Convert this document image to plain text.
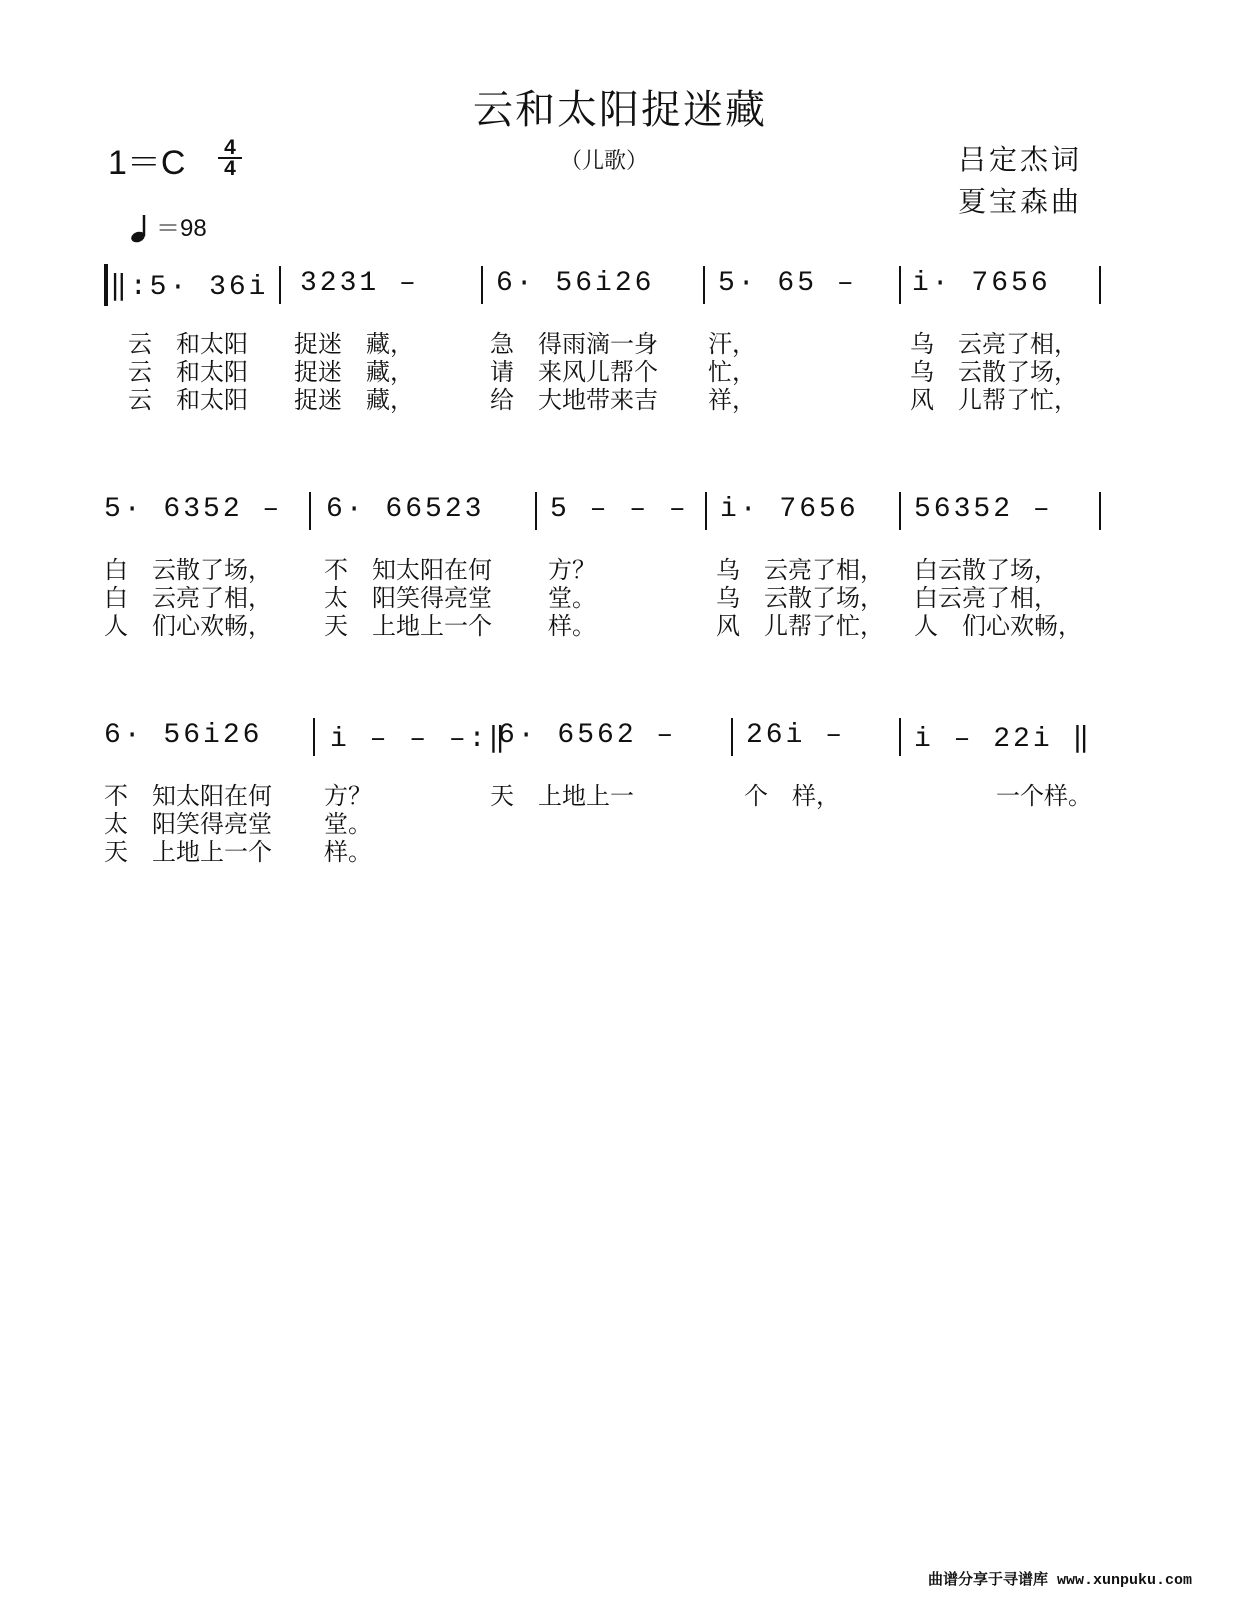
云和太阳捉迷藏
1＝C 4
4	（儿歌）	吕定杰词
夏宝森曲
＝98
‖:5· 36i 3231 –	6· 56i26 5· 65 – i· 7656
云　和太阳 捉迷　藏，	急　得雨滴一身 汗，	乌　云亮了相，
云　和太阳 捉迷　藏，	请　来风儿帮个 忙，	乌　云散了场，
云　和太阳 捉迷　藏，	给　大地带来吉 祥，	风　儿帮了忙，
5· 6352 – 6· 66523 5 – – – i· 7656 56352 –
白　云散了场， 不　知太阳在何 方？	乌　云亮了相， 白云散了场，
白　云亮了相， 太　阳笑得亮堂 堂。	乌　云散了场， 白云亮了相，
人　们心欢畅， 天　上地上一个 样。	风　儿帮了忙， 人　们心欢畅，
6· 56i26 i – – –:‖
6· 6562 – 26i – i – 22i ‖
不　知太阳在何 方？	天　上地上一	个　样，	一个样。
太　阳笑得亮堂 堂。
天　上地上一个 样。
曲谱分享于寻谱库 www.xunpuku.com
